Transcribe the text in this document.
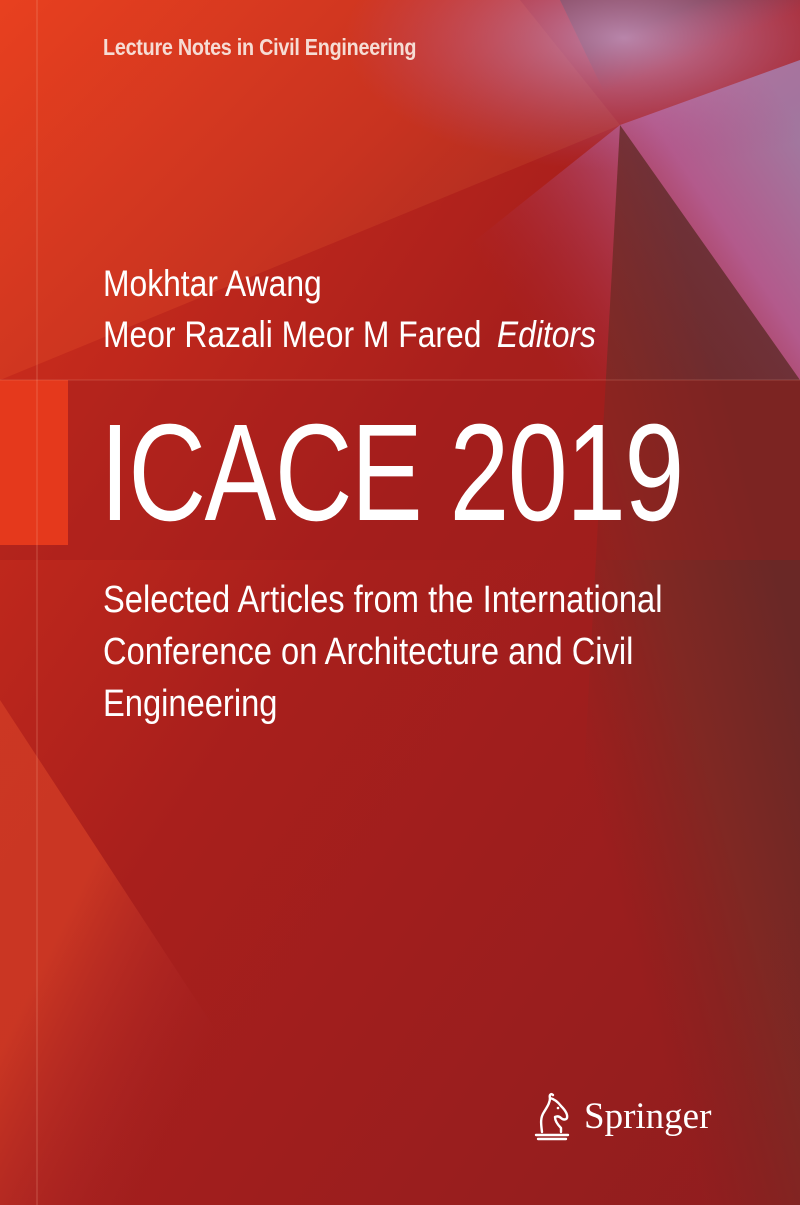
Lecture Notes in Civil Engineering
Mokhtar Awang
Meor Razali Meor M Fared Editors
ICACE 2019
Selected Articles from the International
Conference on Architecture and Civil
Engineering
Springer
